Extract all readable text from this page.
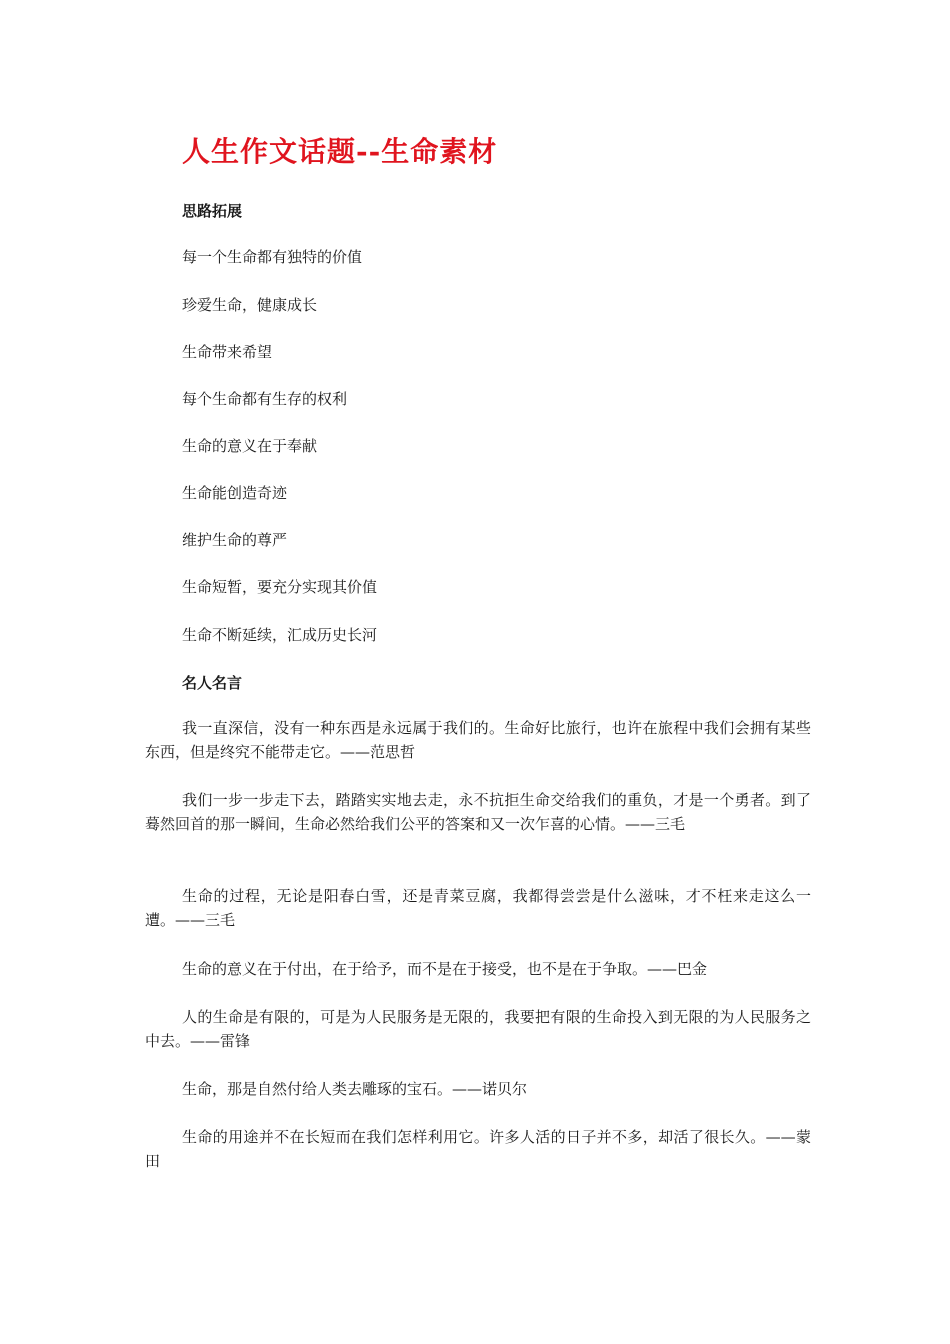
人生作文话题--生命素材
思路拓展
每一个生命都有独特的价值
珍爱生命，健康成长
生命带来希望
每个生命都有生存的权利
生命的意义在于奉献
生命能创造奇迹
维护生命的尊严
生命短暂，要充分实现其价值
生命不断延续，汇成历史长河
名人名言
我一直深信，没有一种东西是永远属于我们的。生命好比旅行，也许在旅程中我们会拥有某些东西，但是终究不能带走它。——范思哲
我们一步一步走下去，踏踏实实地去走，永不抗拒生命交给我们的重负，才是一个勇者。到了蓦然回首的那一瞬间，生命必然给我们公平的答案和又一次乍喜的心情。——三毛
生命的过程，无论是阳春白雪，还是青菜豆腐，我都得尝尝是什么滋味，才不枉来走这么一遭。——三毛
生命的意义在于付出，在于给予，而不是在于接受，也不是在于争取。——巴金
人的生命是有限的，可是为人民服务是无限的，我要把有限的生命投入到无限的为人民服务之中去。——雷锋
生命，那是自然付给人类去雕琢的宝石。——诺贝尔
生命的用途并不在长短而在我们怎样利用它。许多人活的日子并不多，却活了很长久。——蒙田
